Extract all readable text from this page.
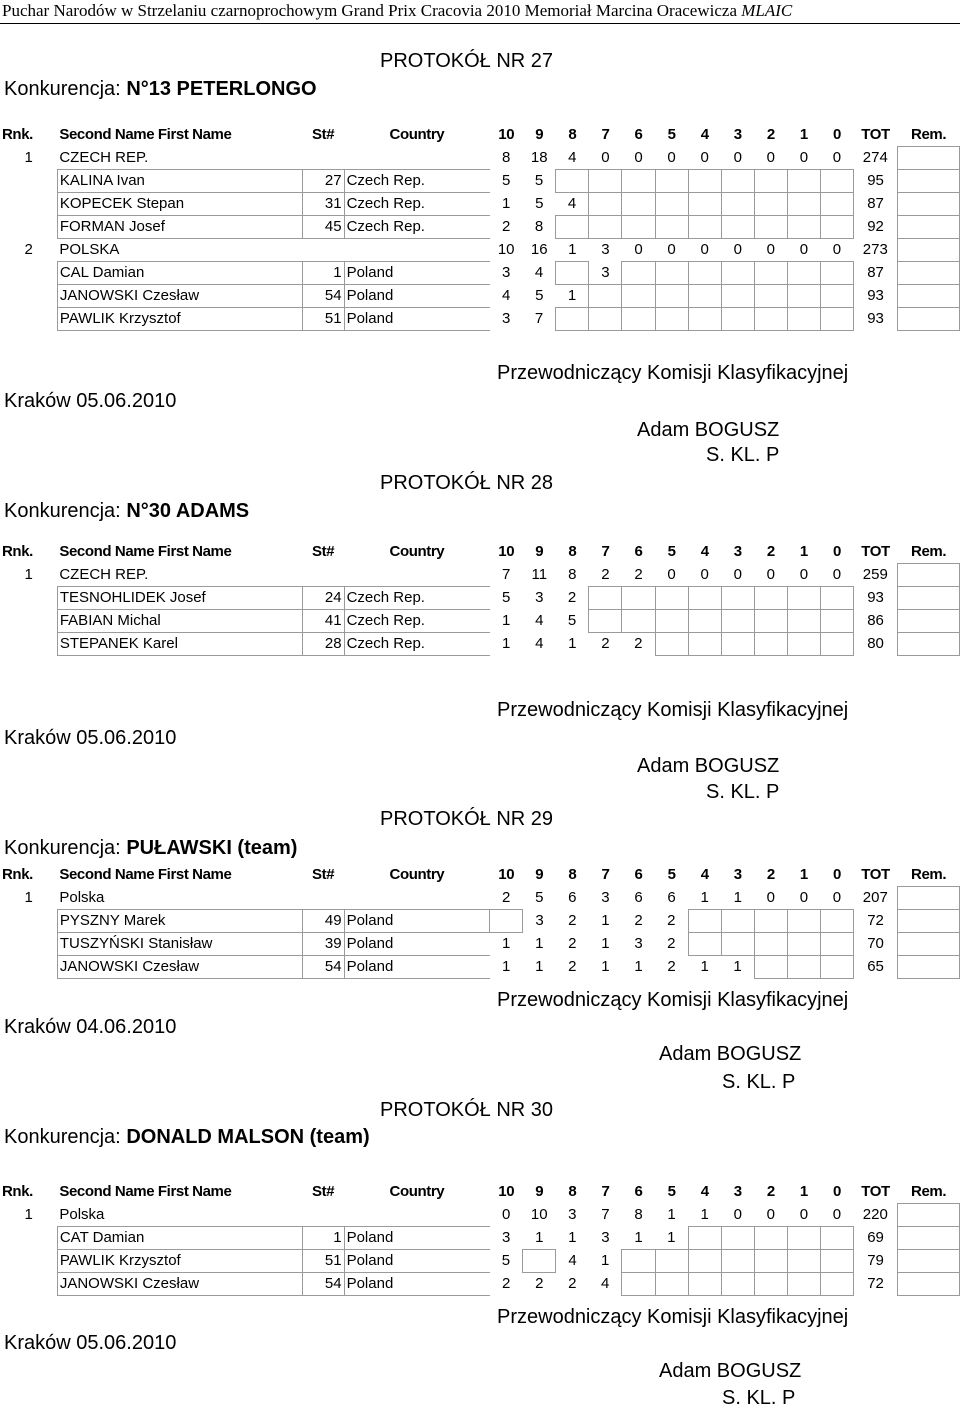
Puchar Narodów w Strzelaniu czarnoprochowym Grand Prix Cracovia 2010 Memoriał Marcina Oracewicza MLAIC
PROTOKÓŁ NR 27
Konkurencja: N°13 PETERLONGO
Rnk.	Second Name First Name	St#	Country	10	9	8	7	6	5	4	3	2	1	0	TOT	Rem.
1	CZECH REP.			8	18	4	0	0	0	0	0	0	0	0	274	
	KALINA Ivan	27	Czech Rep.	5	5										95	
	KOPECEK Stepan	31	Czech Rep.	1	5	4									87	
	FORMAN Josef	45	Czech Rep.	2	8										92	
2	POLSKA			10	16	1	3	0	0	0	0	0	0	0	273	
	CAL Damian	1	Poland	3	4		3								87	
	JANOWSKI Czesław	54	Poland	4	5	1									93	
	PAWLIK Krzysztof	51	Poland	3	7										93	
Kraków 05.06.2010
Przewodniczący Komisji Klasyfikacyjnej
Adam BOGUSZ
S. KL. P
PROTOKÓŁ NR 28
Konkurencja: N°30 ADAMS
Rnk.	Second Name First Name	St#	Country	10	9	8	7	6	5	4	3	2	1	0	TOT	Rem.
1	CZECH REP.			7	11	8	2	2	0	0	0	0	0	0	259	
	TESNOHLIDEK Josef	24	Czech Rep.	5	3	2									93	
	FABIAN Michal	41	Czech Rep.	1	4	5									86	
	STEPANEK Karel	28	Czech Rep.	1	4	1	2	2							80	
Kraków 05.06.2010
Przewodniczący Komisji Klasyfikacyjnej
Adam BOGUSZ
S. KL. P
PROTOKÓŁ NR 29
Konkurencja: PUŁAWSKI (team)
Rnk.	Second Name First Name	St#	Country	10	9	8	7	6	5	4	3	2	1	0	TOT	Rem.
1	Polska			2	5	6	3	6	6	1	1	0	0	0	207	
	PYSZNY Marek	49	Poland		3	2	1	2	2						72	
	TUSZYŃSKI Stanisław	39	Poland	1	1	2	1	3	2						70	
	JANOWSKI Czesław	54	Poland	1	1	2	1	1	2	1	1				65	
Kraków 04.06.2010
Przewodniczący Komisji Klasyfikacyjnej
Adam BOGUSZ
S. KL. P
PROTOKÓŁ NR 30
Konkurencja: DONALD MALSON (team)
Rnk.	Second Name First Name	St#	Country	10	9	8	7	6	5	4	3	2	1	0	TOT	Rem.
1	Polska			0	10	3	7	8	1	1	0	0	0	0	220	
	CAT Damian	1	Poland	3	1	1	3	1	1						69	
	PAWLIK Krzysztof	51	Poland	5		4	1								79	
	JANOWSKI Czesław	54	Poland	2	2	2	4								72	
Kraków 05.06.2010
Przewodniczący Komisji Klasyfikacyjnej
Adam BOGUSZ
S. KL. P
